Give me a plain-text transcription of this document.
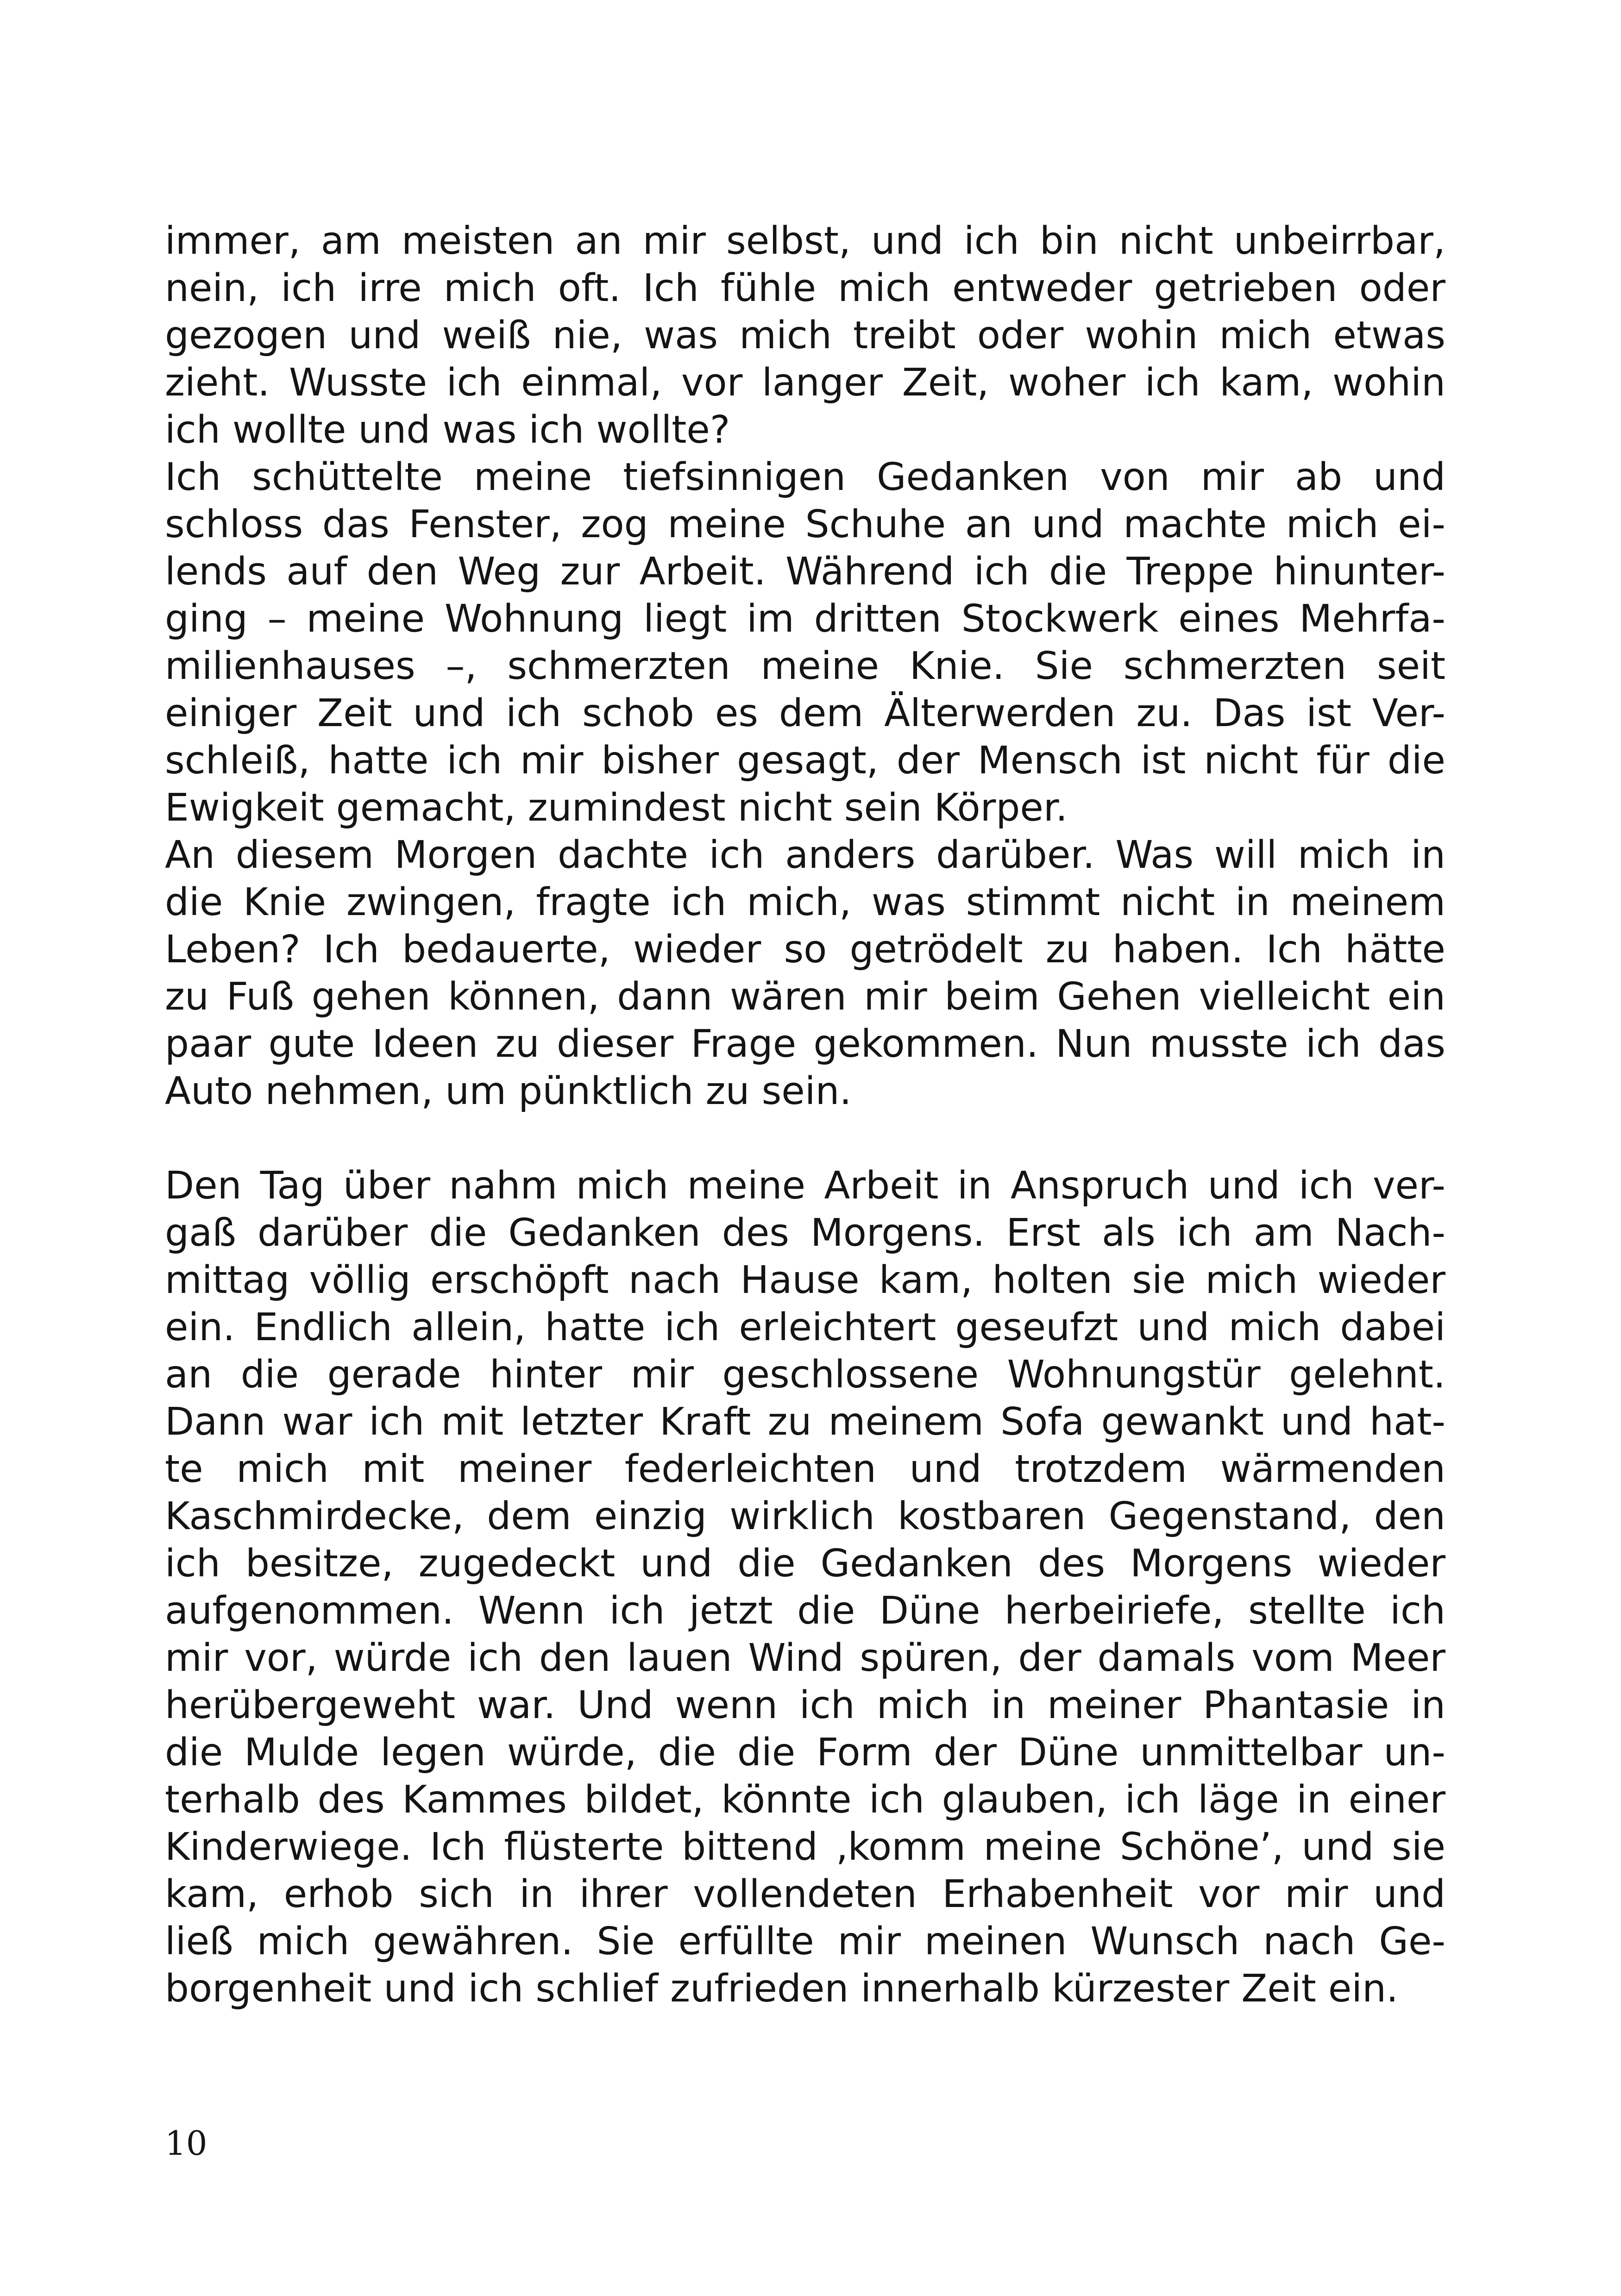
immer, am meisten an mir selbst, und ich bin nicht unbeirrbar,
nein, ich irre mich oft. Ich fühle mich entweder getrieben oder
gezogen und weiß nie, was mich treibt oder wohin mich etwas
zieht. Wusste ich einmal, vor langer Zeit, woher ich kam, wohin
ich wollte und was ich wollte?
Ich schüttelte meine tiefsinnigen Gedanken von mir ab und
schloss das Fenster, zog meine Schuhe an und machte mich ei-
lends auf den Weg zur Arbeit. Während ich die Treppe hinunter-
ging – meine Wohnung liegt im dritten Stockwerk eines Mehrfa-
milienhauses –, schmerzten meine Knie. Sie schmerzten seit
einiger Zeit und ich schob es dem Älterwerden zu. Das ist Ver-
schleiß, hatte ich mir bisher gesagt, der Mensch ist nicht für die
Ewigkeit gemacht, zumindest nicht sein Körper.
An diesem Morgen dachte ich anders darüber. Was will mich in
die Knie zwingen, fragte ich mich, was stimmt nicht in meinem
Leben? Ich bedauerte, wieder so getrödelt zu haben. Ich hätte
zu Fuß gehen können, dann wären mir beim Gehen vielleicht ein
paar gute Ideen zu dieser Frage gekommen. Nun musste ich das
Auto nehmen, um pünktlich zu sein.
Den Tag über nahm mich meine Arbeit in Anspruch und ich ver-
gaß darüber die Gedanken des Morgens. Erst als ich am Nach-
mittag völlig erschöpft nach Hause kam, holten sie mich wieder
ein. Endlich allein, hatte ich erleichtert geseufzt und mich dabei
an die gerade hinter mir geschlossene Wohnungstür gelehnt.
Dann war ich mit letzter Kraft zu meinem Sofa gewankt und hat-
te mich mit meiner federleichten und trotzdem wärmenden
Kaschmirdecke, dem einzig wirklich kostbaren Gegenstand, den
ich besitze, zugedeckt und die Gedanken des Morgens wieder
aufgenommen. Wenn ich jetzt die Düne herbeiriefe, stellte ich
mir vor, würde ich den lauen Wind spüren, der damals vom Meer
herübergeweht war. Und wenn ich mich in meiner Phantasie in
die Mulde legen würde, die die Form der Düne unmittelbar un-
terhalb des Kammes bildet, könnte ich glauben, ich läge in einer
Kinderwiege. Ich flüsterte bittend ‚komm meine Schöne’, und sie
kam, erhob sich in ihrer vollendeten Erhabenheit vor mir und
ließ mich gewähren. Sie erfüllte mir meinen Wunsch nach Ge-
borgenheit und ich schlief zufrieden innerhalb kürzester Zeit ein.
10
